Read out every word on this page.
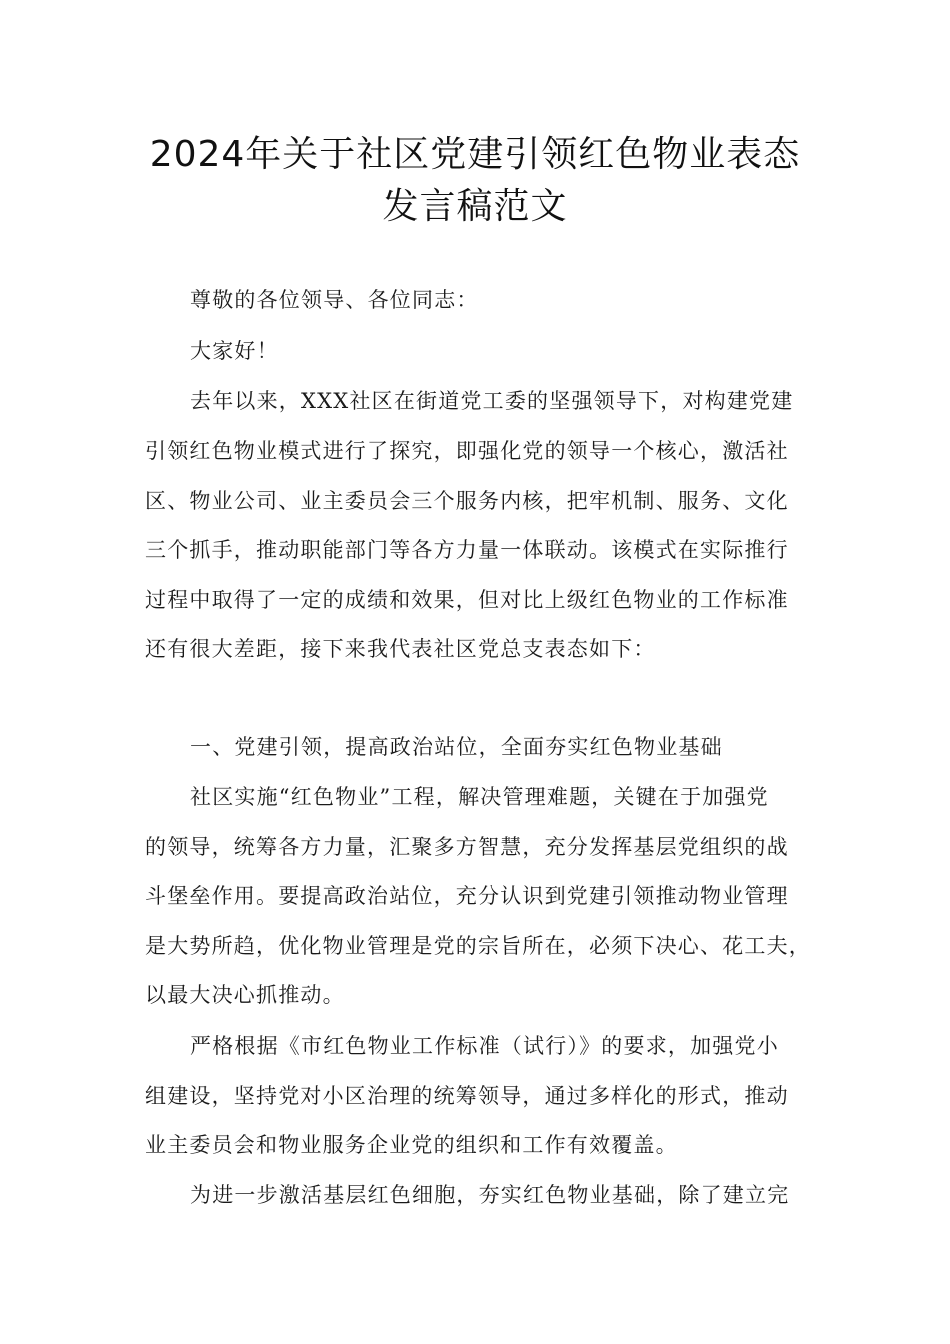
2024年关于社区党建引领红色物业表态
发言稿范文
尊敬的各位领导、各位同志：
大家好！
去年以来，XXX社区在街道党工委的坚强领导下，对构建党建
引领红色物业模式进行了探究，即强化党的领导一个核心，激活社
区、物业公司、业主委员会三个服务内核，把牢机制、服务、文化
三个抓手，推动职能部门等各方力量一体联动。该模式在实际推行
过程中取得了一定的成绩和效果，但对比上级红色物业的工作标准
还有很大差距，接下来我代表社区党总支表态如下：
一、党建引领，提高政治站位，全面夯实红色物业基础
社区实施“红色物业”工程，解决管理难题，关键在于加强党
的领导，统筹各方力量，汇聚多方智慧，充分发挥基层党组织的战
斗堡垒作用。要提高政治站位，充分认识到党建引领推动物业管理
是大势所趋，优化物业管理是党的宗旨所在，必须下决心、花工夫，
以最大决心抓推动。
严格根据《市红色物业工作标准（试行）》的要求，加强党小
组建设，坚持党对小区治理的统筹领导，通过多样化的形式，推动
业主委员会和物业服务企业党的组织和工作有效覆盖。
为进一步激活基层红色细胞，夯实红色物业基础，除了建立完
